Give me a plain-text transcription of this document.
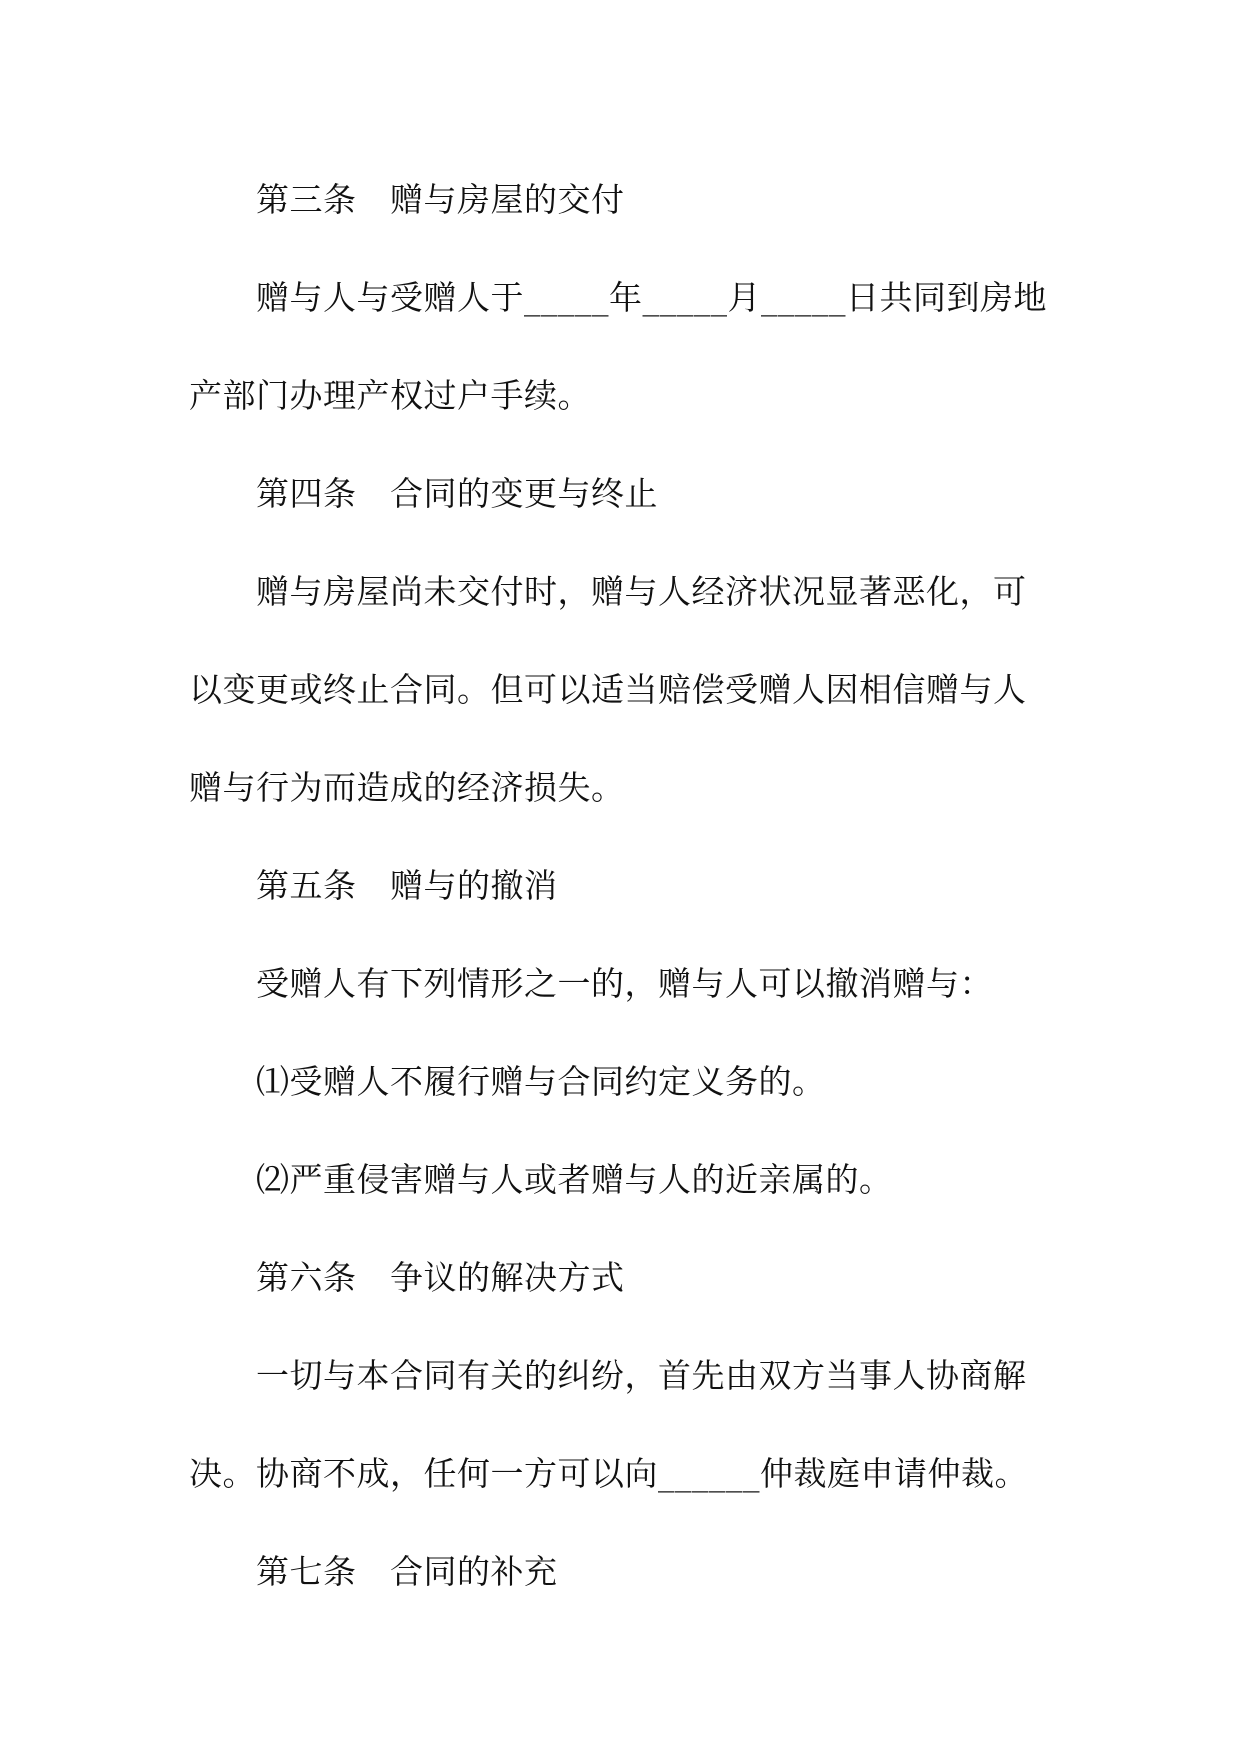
第三条　赠与房屋的交付
赠与人与受赠人于_____年_____月_____日共同到房地
产部门办理产权过户手续。
第四条　合同的变更与终止
赠与房屋尚未交付时，赠与人经济状况显著恶化，可
以变更或终止合同。但可以适当赔偿受赠人因相信赠与人
赠与行为而造成的经济损失。
第五条　赠与的撤消
受赠人有下列情形之一的，赠与人可以撤消赠与：
⑴受赠人不履行赠与合同约定义务的。
⑵严重侵害赠与人或者赠与人的近亲属的。
第六条　争议的解决方式
一切与本合同有关的纠纷，首先由双方当事人协商解
决。协商不成，任何一方可以向______仲裁庭申请仲裁。
第七条　合同的补充
